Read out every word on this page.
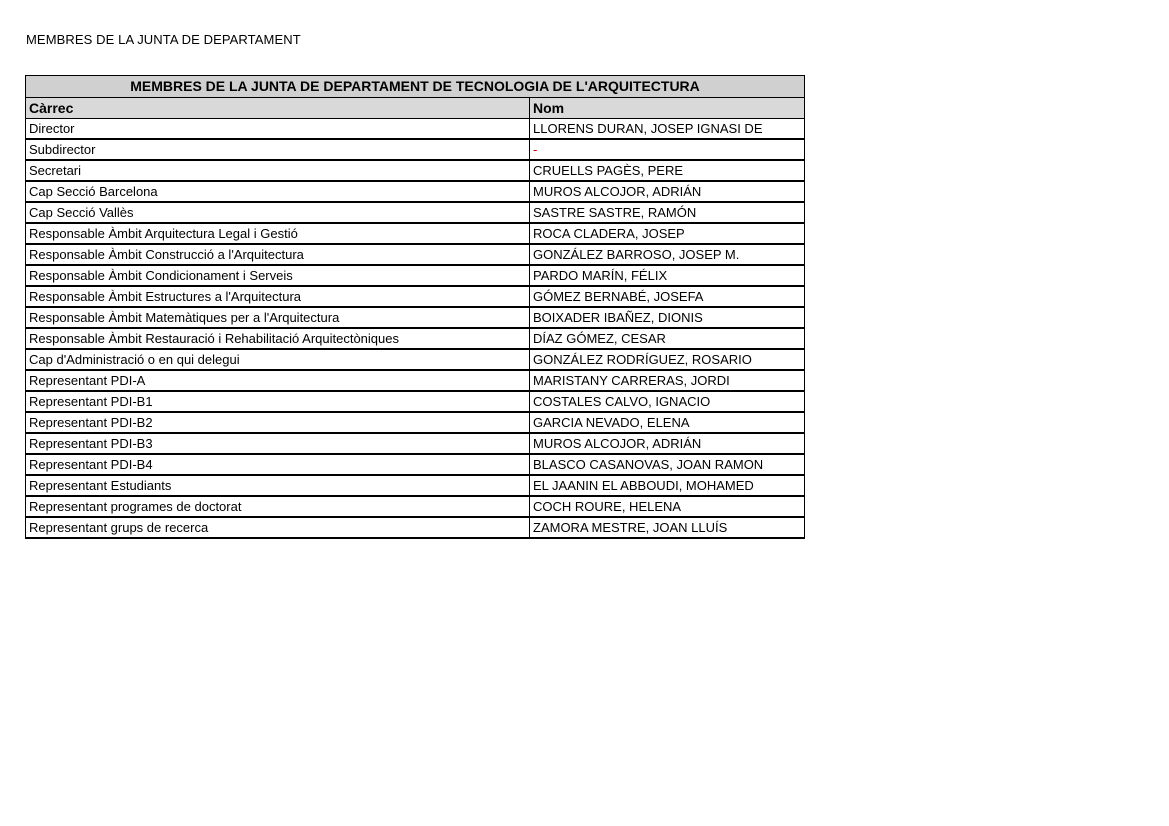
MEMBRES DE LA JUNTA DE DEPARTAMENT
MEMBRES DE LA JUNTA DE DEPARTAMENT DE TECNOLOGIA DE L'ARQUITECTURA	
Càrrec	Nom
Director	LLORENS DURAN, JOSEP IGNASI DE
Subdirector	-
Secretari	CRUELLS PAGÈS, PERE
Cap Secció Barcelona	MUROS ALCOJOR, ADRIÁN
Cap Secció Vallès	SASTRE SASTRE, RAMÓN
Responsable Àmbit Arquitectura Legal i Gestió	ROCA CLADERA, JOSEP
Responsable Àmbit Construcció a l'Arquitectura	GONZÁLEZ BARROSO, JOSEP M.
Responsable Àmbit Condicionament i Serveis	PARDO MARÍN, FÉLIX
Responsable Àmbit Estructures a l'Arquitectura	GÓMEZ BERNABÉ, JOSEFA
Responsable Àmbit Matemàtiques per a l'Arquitectura	BOIXADER IBAÑEZ, DIONIS
Responsable Àmbit Restauració i Rehabilitació Arquitectòniques	DÍAZ GÓMEZ, CESAR
Cap d'Administració o en qui delegui	GONZÁLEZ RODRÍGUEZ, ROSARIO
Representant PDI-A	MARISTANY CARRERAS, JORDI
Representant PDI-B1	COSTALES CALVO, IGNACIO
Representant PDI-B2	GARCIA NEVADO, ELENA
Representant PDI-B3	MUROS ALCOJOR, ADRIÁN
Representant PDI-B4	BLASCO CASANOVAS, JOAN RAMON
Representant Estudiants	EL JAANIN EL ABBOUDI, MOHAMED
Representant programes de doctorat	COCH ROURE, HELENA
Representant grups de recerca	ZAMORA MESTRE, JOAN LLUÍS
